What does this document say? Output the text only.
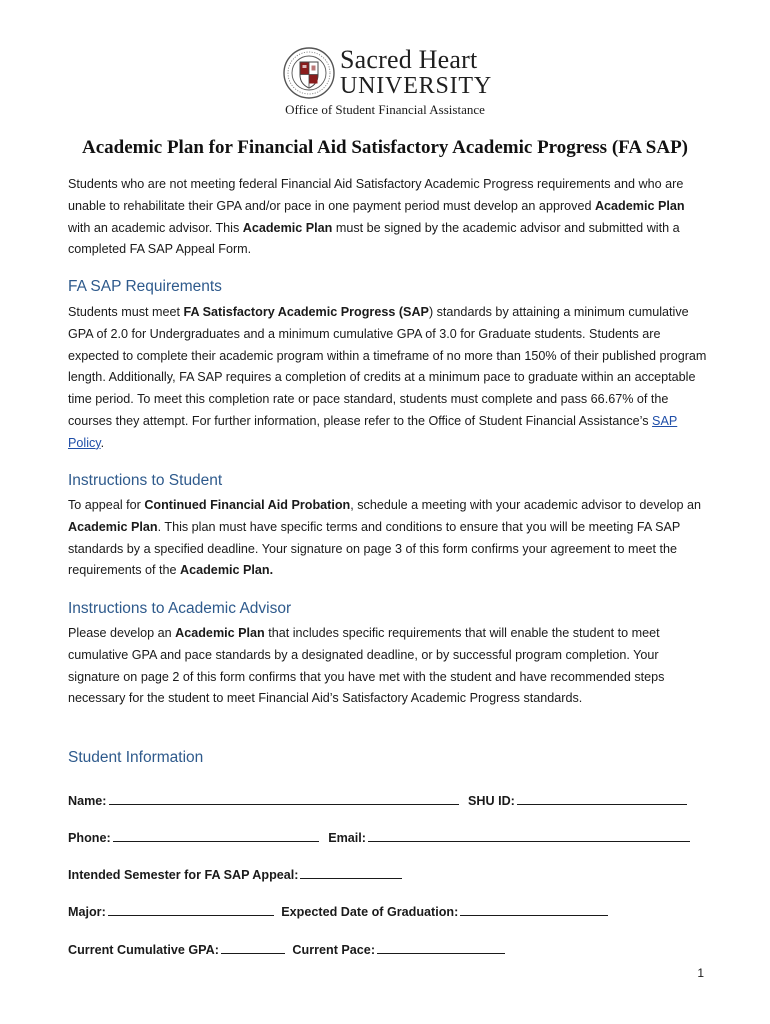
Sacred Heart
UNIVERSITY
Office of Student Financial Assistance
Academic Plan for Financial Aid Satisfactory Academic Progress (FA SAP)

Students who are not meeting federal Financial Aid Satisfactory Academic Progress requirements and who are unable to rehabilitate their GPA and/or pace in one payment period must develop an approved Academic Plan with an academic advisor. This Academic Plan must be signed by the academic advisor and submitted with a completed FA SAP Appeal Form.

FA SAP Requirements

Students must meet FA Satisfactory Academic Progress (SAP) standards by attaining a minimum cumulative GPA of 2.0 for Undergraduates and a minimum cumulative GPA of 3.0 for Graduate students. Students are expected to complete their academic program within a timeframe of no more than 150% of their published program length. Additionally, FA SAP requires a completion of credits at a minimum pace to graduate within an acceptable time period. To meet this completion rate or pace standard, students must complete and pass 66.67% of the courses they attempt. For further information, please refer to the Office of Student Financial Assistance’s SAP Policy.

Instructions to Student

To appeal for Continued Financial Aid Probation, schedule a meeting with your academic advisor to develop an Academic Plan. This plan must have specific terms and conditions to ensure that you will be meeting FA SAP standards by a specified deadline. Your signature on page 3 of this form confirms your agreement to meet the requirements of the Academic Plan.

Instructions to Academic Advisor

Please develop an Academic Plan that includes specific requirements that will enable the student to meet cumulative GPA and pace standards by a designated deadline, or by successful program completion. Your signature on page 2 of this form confirms that you have met with the student and have recommended steps necessary for the student to meet Financial Aid’s Satisfactory Academic Progress standards.

Student Information
Name:	SHU ID:
Phone:	Email:
Intended Semester for FA SAP Appeal:
Major:	Expected Date of Graduation:
Current Cumulative GPA:	Current Pace:
1
